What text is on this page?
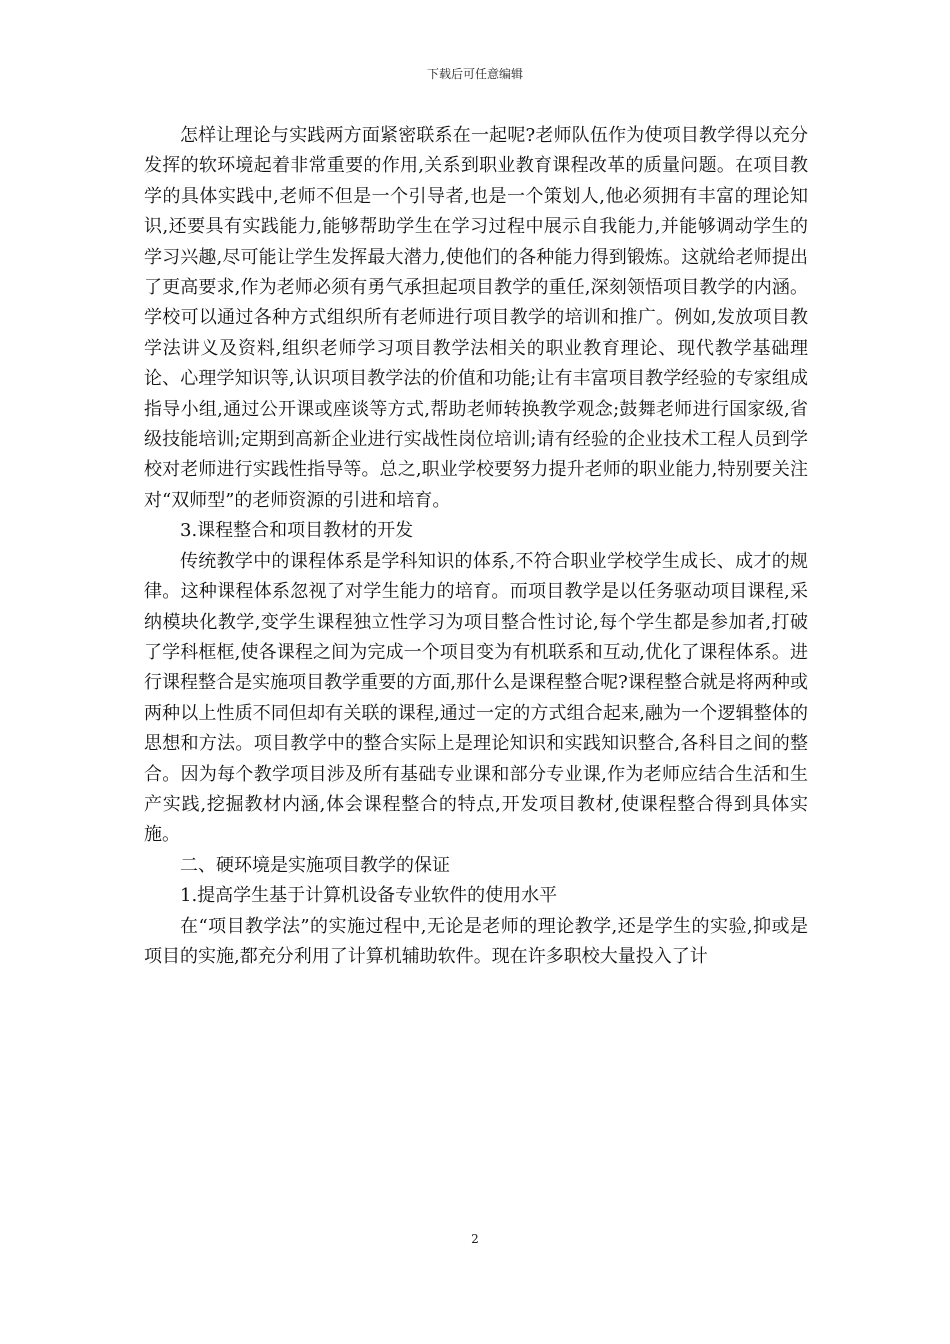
下载后可任意编辑

怎样让理论与实践两方面紧密联系在一起呢?老师队伍作为使项目教学得以充分发挥的软环境起着非常重要的作用,关系到职业教育课程改革的质量问题。在项目教学的具体实践中,老师不但是一个引导者,也是一个策划人,他必须拥有丰富的理论知识,还要具有实践能力,能够帮助学生在学习过程中展示自我能力,并能够调动学生的学习兴趣,尽可能让学生发挥最大潜力,使他们的各种能力得到锻炼。这就给老师提出了更高要求,作为老师必须有勇气承担起项目教学的重任,深刻领悟项目教学的内涵。学校可以通过各种方式组织所有老师进行项目教学的培训和推广。例如,发放项目教学法讲义及资料,组织老师学习项目教学法相关的职业教育理论、现代教学基础理论、心理学知识等,认识项目教学法的价值和功能;让有丰富项目教学经验的专家组成指导小组,通过公开课或座谈等方式,帮助老师转换教学观念;鼓舞老师进行国家级,省级技能培训;定期到高新企业进行实战性岗位培训;请有经验的企业技术工程人员到学校对老师进行实践性指导等。总之,职业学校要努力提升老师的职业能力,特别要关注对“双师型”的老师资源的引进和培育。

3.课程整合和项目教材的开发

传统教学中的课程体系是学科知识的体系,不符合职业学校学生成长、成才的规律。这种课程体系忽视了对学生能力的培育。而项目教学是以任务驱动项目课程,采纳模块化教学,变学生课程独立性学习为项目整合性讨论,每个学生都是参加者,打破了学科框框,使各课程之间为完成一个项目变为有机联系和互动,优化了课程体系。进行课程整合是实施项目教学重要的方面,那什么是课程整合呢?课程整合就是将两种或两种以上性质不同但却有关联的课程,通过一定的方式组合起来,融为一个逻辑整体的思想和方法。项目教学中的整合实际上是理论知识和实践知识整合,各科目之间的整合。因为每个教学项目涉及所有基础专业课和部分专业课,作为老师应结合生活和生产实践,挖掘教材内涵,体会课程整合的特点,开发项目教材,使课程整合得到具体实施。

二、硬环境是实施项目教学的保证

1.提高学生基于计算机设备专业软件的使用水平

在“项目教学法”的实施过程中,无论是老师的理论教学,还是学生的实验,抑或是项目的实施,都充分利用了计算机辅助软件。现在许多职校大量投入了计

2
